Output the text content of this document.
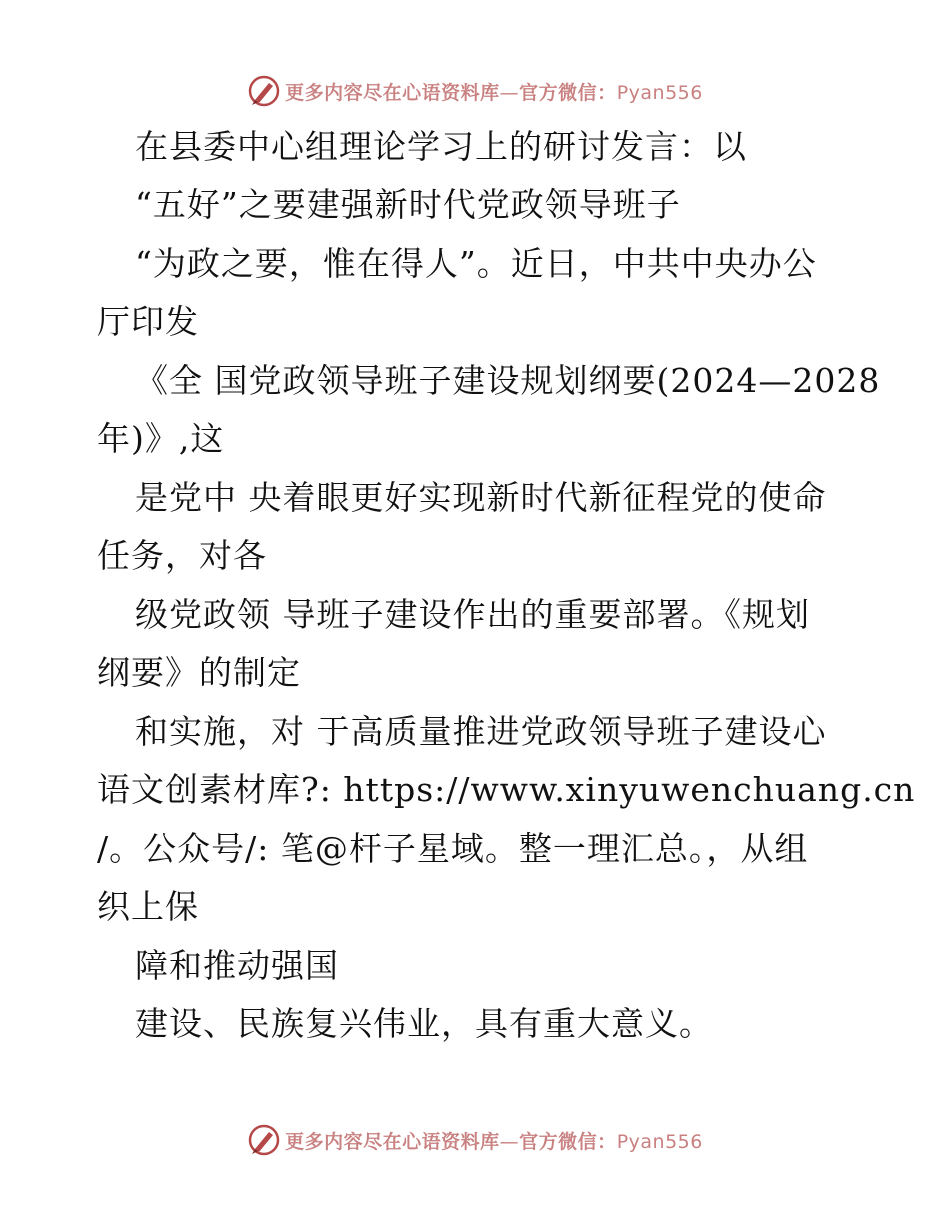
更多内容尽在心语资料库—官方微信：Pyan556
在县委中心组理论学习上的研讨发言：以
“五好”之要建强新时代党政领导班子
“为政之要，惟在得人”。近日，中共中央办公
厅印发
《全 国党政领导班子建设规划纲要(2024—2028
年)》,这
是党中 央着眼更好实现新时代新征程党的使命
任务，对各
级党政领 导班子建设作出的重要部署。《规划
纲要》的制定
和实施，对 于高质量推进党政领导班子建设心
语文创素材库?: https://www.xinyuwenchuang.cn
/。公众号/: 笔@杆子星域。整一理汇总。，从组
织上保
障和推动强国
建设、民族复兴伟业，具有重大意义。
更多内容尽在心语资料库—官方微信：Pyan556
